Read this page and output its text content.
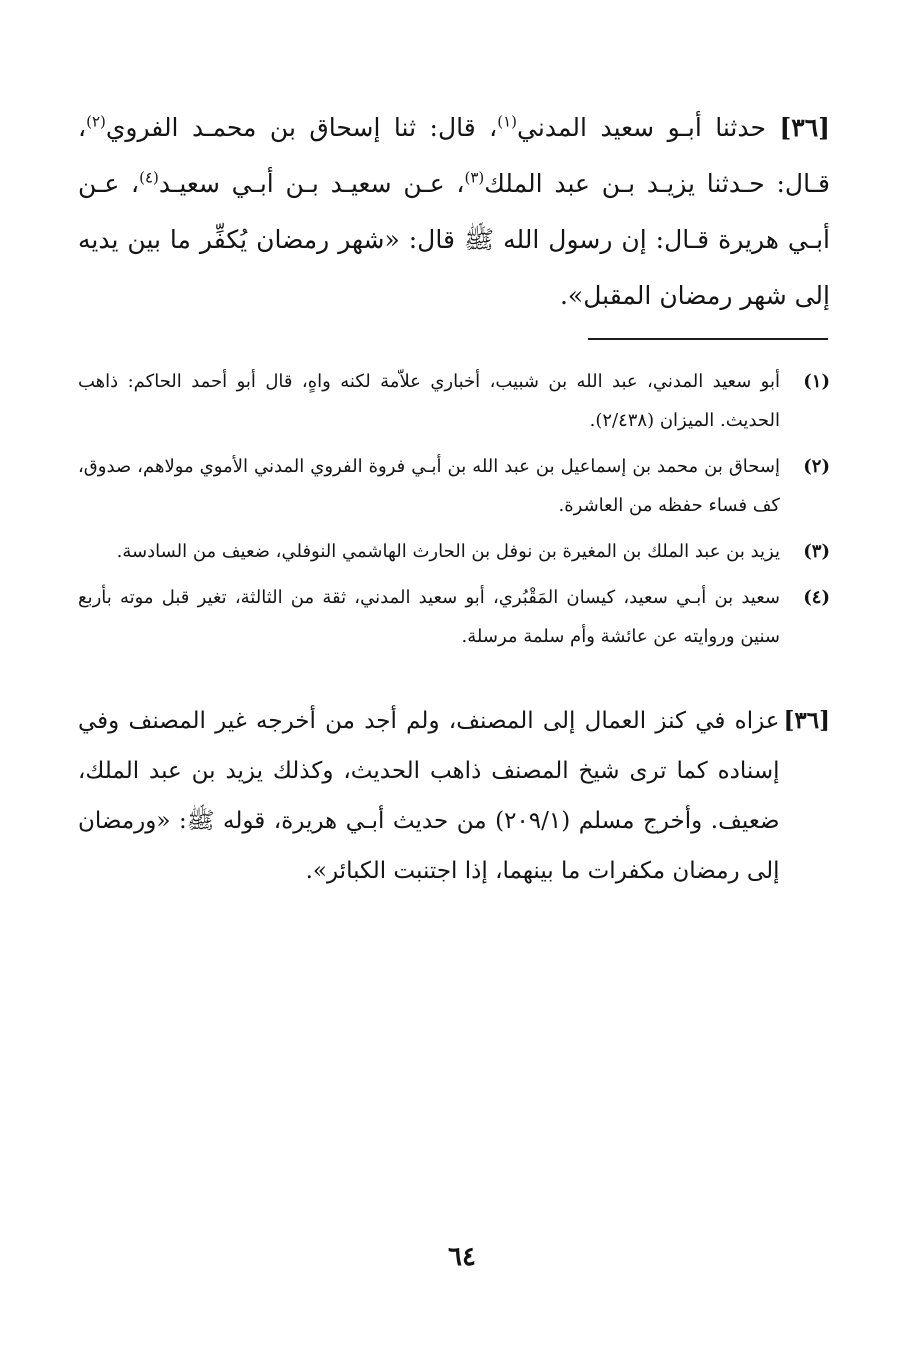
[٣٦] حدثنا أبـو سعيد المدني$^{(١)}$، قال: ثنا إسحاق بن محمـد الفروي$^{(٢)}$، قـال: حـدثنا يزيـد بـن عبد الملك$^{(٣)}$، عـن سعيـد بـن أبـي سعيـد$^{(٤)}$، عـن أبـي هريرة قـال: إن رسول الله ﷺ قال: «شهر رمضان يُكفِّر ما بين يديه إلى شهر رمضان المقبل».
(١)
أبو سعيد المدني، عبد الله بن شبيب، أخباري علاّمة لكنه واهٍ، قال أبو أحمد الحاكم: ذاهب الحديث. الميزان (٢/٤٣٨).
(٢)
إسحاق بن محمد بن إسماعيل بن عبد الله بن أبـي فروة الفروي المدني الأموي مولاهم، صدوق، كف فساء حفظه من العاشرة.
(٣)
يزيد بن عبد الملك بن المغيرة بن نوفل بن الحارث الهاشمي النوفلي، ضعيف من السادسة.
(٤)
سعيد بن أبـي سعيد، كيسان المَقْبُري، أبو سعيد المدني، ثقة من الثالثة، تغير قبل موته بأربع سنين وروايته عن عائشة وأم سلمة مرسلة.
[٣٦]
عزاه في كنز العمال إلى المصنف، ولم أجد من أخرجه غير المصنف وفي إسناده كما ترى شيخ المصنف ذاهب الحديث، وكذلك يزيد بن عبد الملك، ضعيف. وأخرج مسلم (٢٠٩/١) من حديث أبـي هريرة، قوله ﷺ: «ورمضان إلى رمضان مكفرات ما بينهما، إذا اجتنبت الكبائر».
٦٤
